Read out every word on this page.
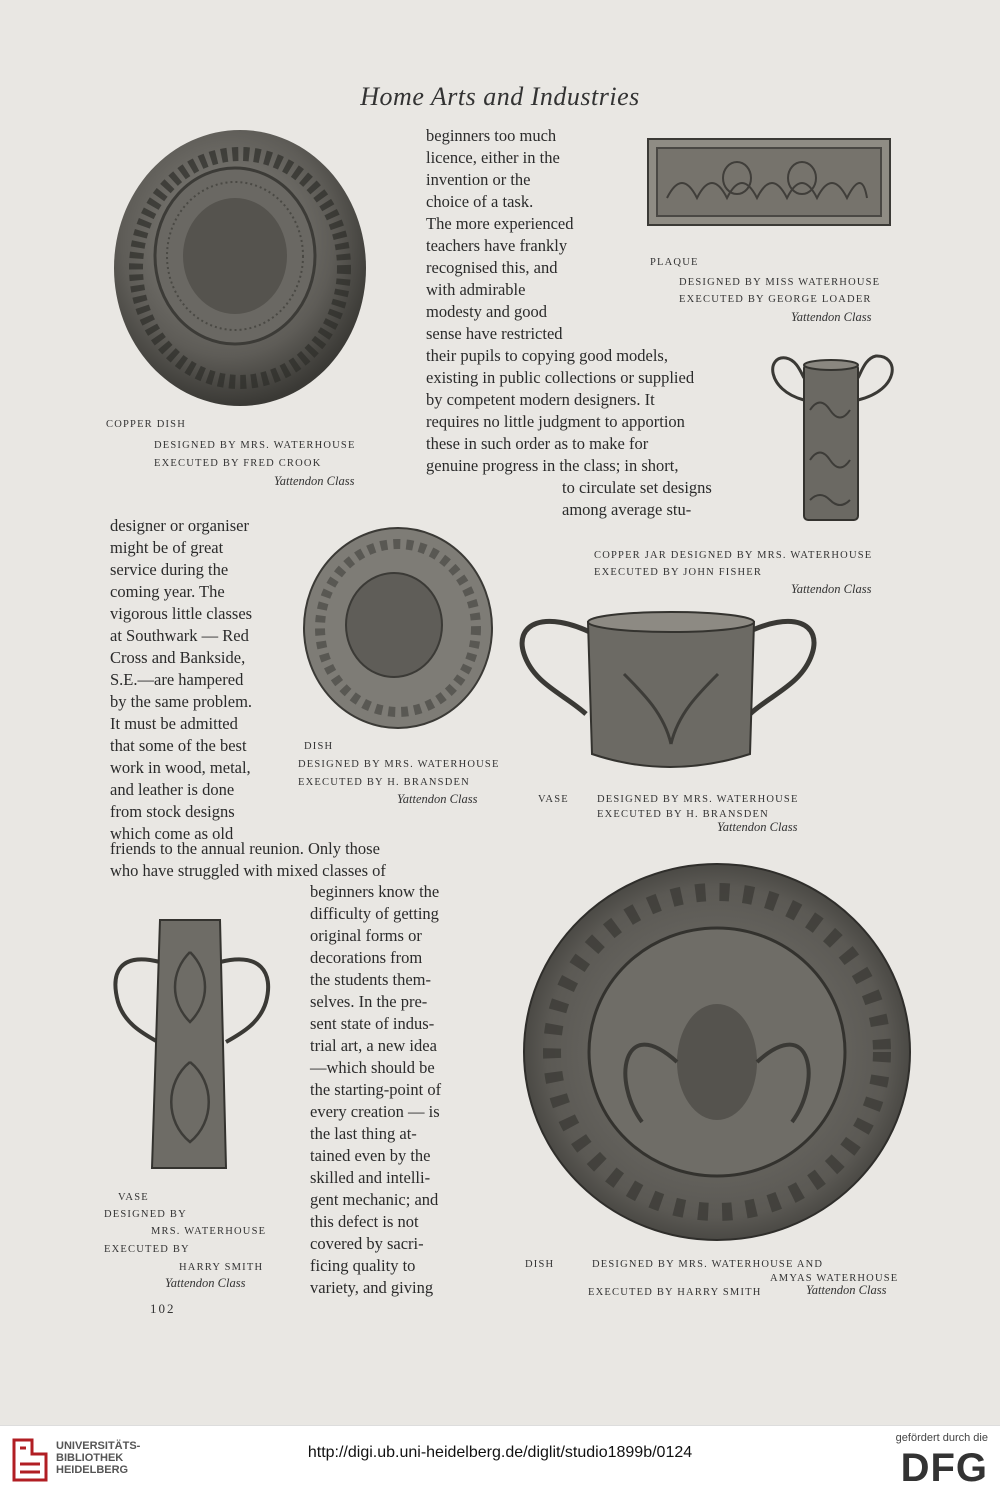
Home Arts and Industries
COPPER DISH
DESIGNED BY MRS. WATERHOUSE
EXECUTED BY FRED CROOK
Yattendon Class
beginners too much
licence, either in the
invention or the
choice of a task.
The more experienced
teachers have frankly
recognised this, and
with admirable
modesty and good
sense have restricted
their pupils to copying good models,
existing in public collections or supplied
by competent modern designers. It
requires no little judgment to apportion
these in such order as to make for
genuine progress in the class; in short,
to circulate set designs
among average stu-
PLAQUE
DESIGNED BY MISS WATERHOUSE
EXECUTED BY GEORGE LOADER
Yattendon Class
COPPER JAR DESIGNED BY MRS. WATERHOUSE
EXECUTED BY JOHN FISHER
Yattendon Class
designer or organiser
might be of great
service during the
coming year. The
vigorous little classes
at Southwark — Red
Cross and Bankside,
S.E.—are hampered
by the same problem.
It must be admitted
that some of the best
work in wood, metal,
and leather is done
from stock designs
which come as old
DISH
DESIGNED BY MRS. WATERHOUSE
EXECUTED BY H. BRANSDEN
Yattendon Class	VASE	DESIGNED BY MRS. WATERHOUSE
EXECUTED BY H. BRANSDEN
Yattendon Class
friends to the annual reunion. Only those
who have struggled with mixed classes of
beginners know the
difficulty of getting
original forms or
decorations from
the students them-
selves. In the pre-
sent state of indus-
trial art, a new idea
—which should be
the starting-point of
every creation — is
the last thing at-
tained even by the
skilled and intelli-
gent mechanic; and
this defect is not
covered by sacri-
ficing quality to
variety, and giving
VASE
DESIGNED BY
MRS. WATERHOUSE
EXECUTED BY
HARRY SMITH
Yattendon Class
DISH	DESIGNED BY MRS. WATERHOUSE AND
AMYAS WATERHOUSE
EXECUTED BY HARRY SMITH	Yattendon Class
102
UNIVERSITÄTS-
BIBLIOTHEK
HEIDELBERG
http://digi.ub.uni-heidelberg.de/diglit/studio1899b/0124
gefördert durch die
DFG
